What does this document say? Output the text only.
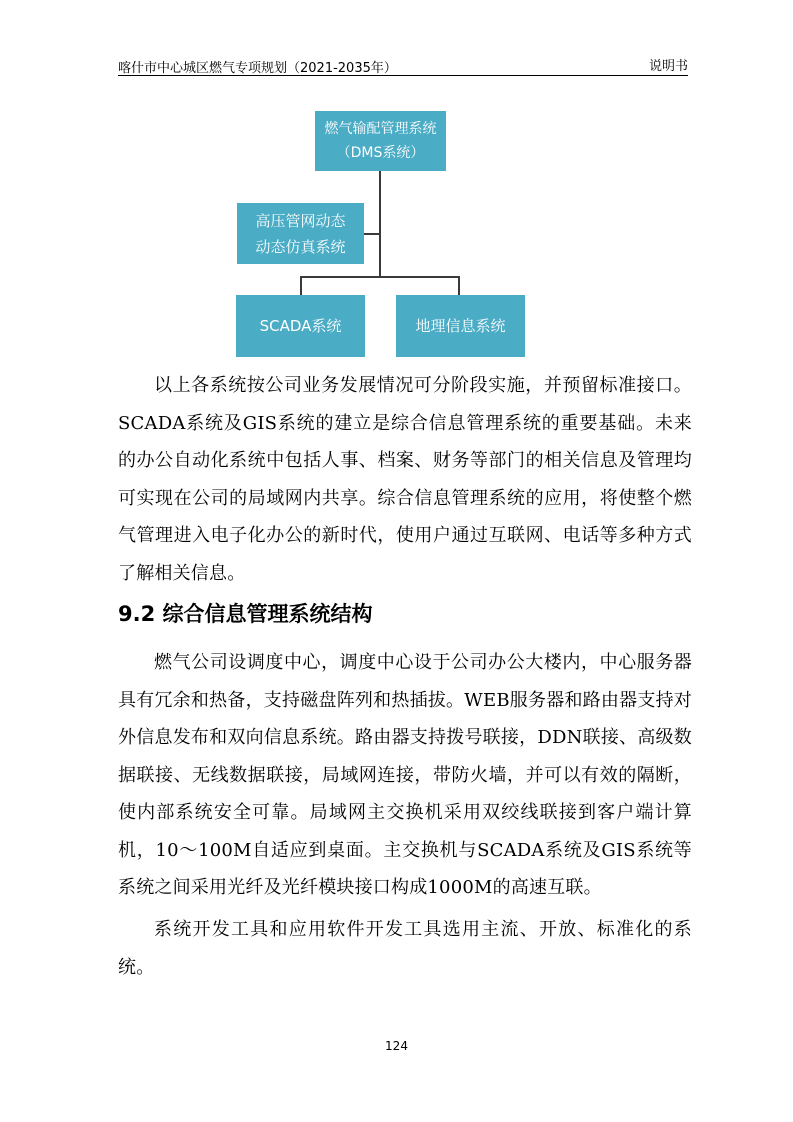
喀什市中心城区燃气专项规划（2021-2035年）	说明书
燃气输配管理系统
（DMS系统）
高压管网动态
动态仿真系统
SCADA系统	地理信息系统
以上各系统按公司业务发展情况可分阶段实施，并预留标准接口。SCADA系统及GIS系统的建立是综合信息管理系统的重要基础。未来的办公自动化系统中包括人事、档案、财务等部门的相关信息及管理均可实现在公司的局域网内共享。综合信息管理系统的应用，将使整个燃气管理进入电子化办公的新时代，使用户通过互联网、电话等多种方式了解相关信息。
9.2 综合信息管理系统结构
燃气公司设调度中心，调度中心设于公司办公大楼内，中心服务器具有冗余和热备，支持磁盘阵列和热插拔。WEB服务器和路由器支持对外信息发布和双向信息系统。路由器支持拨号联接，DDN联接、高级数据联接、无线数据联接，局域网连接，带防火墙，并可以有效的隔断，使内部系统安全可靠。局域网主交换机采用双绞线联接到客户端计算机，10～100M自适应到桌面。主交换机与SCADA系统及GIS系统等系统之间采用光纤及光纤模块接口构成1000M的高速互联。
系统开发工具和应用软件开发工具选用主流、开放、标准化的系统。
124
